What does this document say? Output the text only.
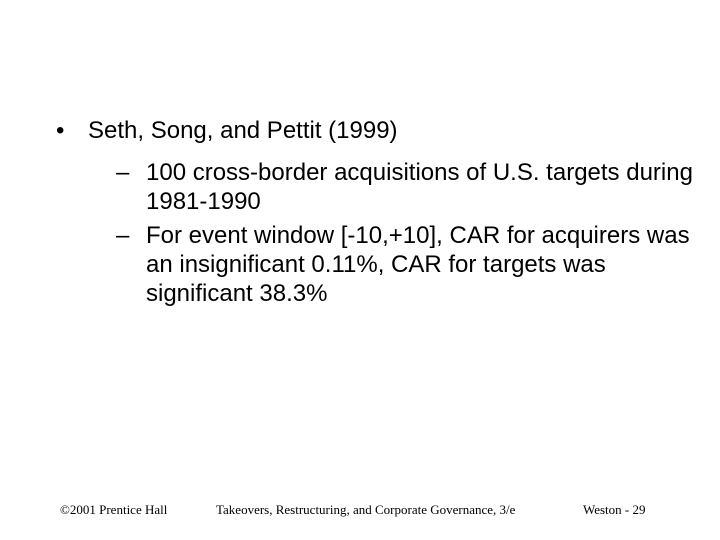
• Seth, Song, and Pettit (1999)
– 100 cross-border acquisitions of U.S. targets during 1981-1990
– For event window [-10,+10], CAR for acquirers was an insignificant 0.11%, CAR for targets was significant 38.3%
©2001 Prentice Hall	Takeovers, Restructuring, and Corporate Governance, 3/e	Weston - 29
